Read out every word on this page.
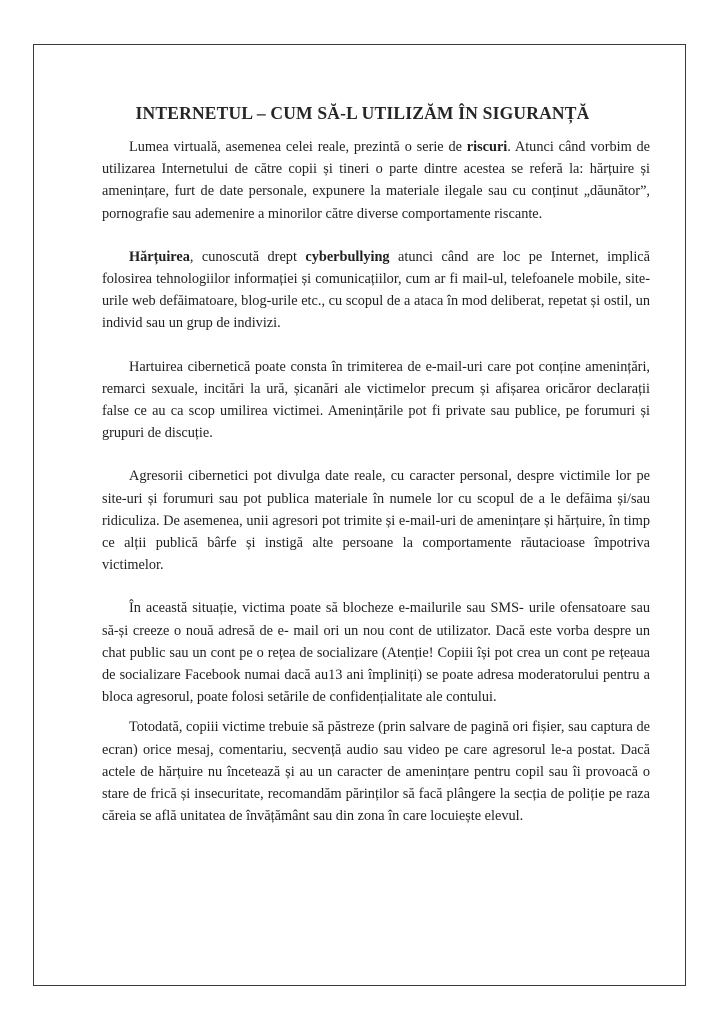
INTERNETUL – CUM SĂ-L UTILIZĂM ÎN SIGURANȚĂ

Lumea virtuală, asemenea celei reale, prezintă o serie de riscuri. Atunci când vorbim de utilizarea Internetului de către copii și tineri o parte dintre acestea se referă la: hărțuire și amenințare, furt de date personale, expunere la materiale ilegale sau cu conținut „dăunător”, pornografie sau ademenire a minorilor către diverse comportamente riscante.

Hărțuirea, cunoscută drept cyberbullying atunci când are loc pe Internet, implică folosirea tehnologiilor informației și comunicațiilor, cum ar fi mail-ul, telefoanele mobile, site-urile web defăimatoare, blog-urile etc., cu scopul de a ataca în mod deliberat, repetat și ostil, un individ sau un grup de indivizi.

Hartuirea cibernetică poate consta în trimiterea de e-mail-uri care pot conține amenințări, remarci sexuale, incitări la ură, șicanări ale victimelor precum și afișarea oricăror declarații false ce au ca scop umilirea victimei. Amenințările pot fi private sau publice, pe forumuri și grupuri de discuție.

Agresorii cibernetici pot divulga date reale, cu caracter personal, despre victimile lor pe site-uri și forumuri sau pot publica materiale în numele lor cu scopul de a le defăima și/sau ridiculiza. De asemenea, unii agresori pot trimite și e-mail-uri de amenințare și hărțuire, în timp ce alții publică bârfe și instigă alte persoane la comportamente răutacioase împotriva victimelor.

În această situație, victima poate să blocheze e-mailurile sau SMS- urile ofensatoare sau să-și creeze o nouă adresă de e- mail ori un nou cont de utilizator. Dacă este vorba despre un chat public sau un cont pe o rețea de socializare (Atenție! Copiii își pot crea un cont pe rețeaua de socializare Facebook numai dacă au13 ani împliniți) se poate adresa moderatorului pentru a bloca agresorul, poate folosi setările de confidențialitate ale contului.

Totodată, copiii victime trebuie să păstreze (prin salvare de pagină ori fișier, sau captura de ecran) orice mesaj, comentariu, secvență audio sau video pe care agresorul le-a postat. Dacă actele de hărțuire nu încetează și au un caracter de amenințare pentru copil sau îi provoacă o stare de frică și insecuritate, recomandăm părinților să facă plângere la secția de poliție pe raza căreia se află unitatea de învățământ sau din zona în care locuiește elevul.
